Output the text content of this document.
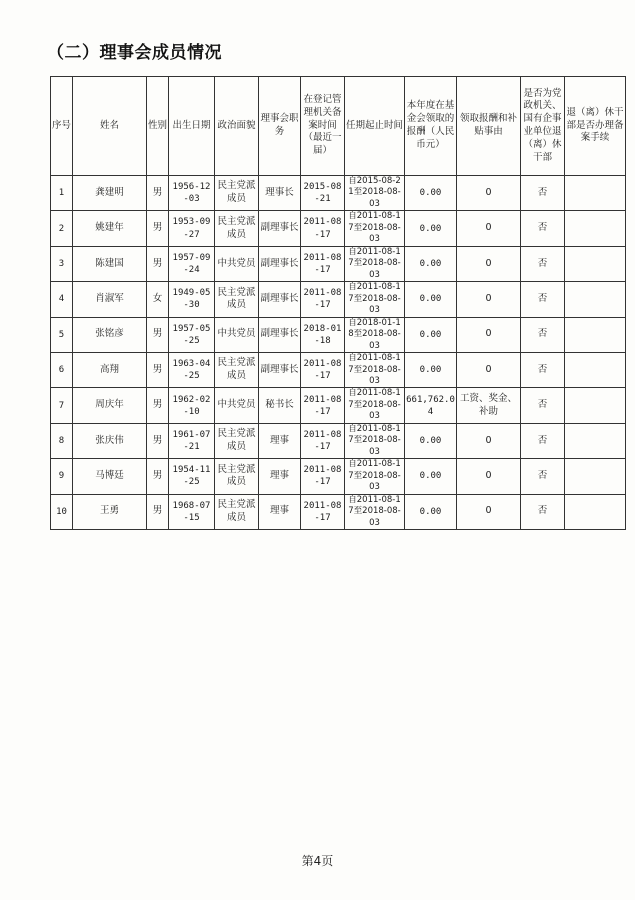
（二）理事会成员情况
序号	姓名	性别	出生日期	政治面貌	理事会职务	在登记管理机关备案时间（最近一届）	任期起止时间	本年度在基金会领取的报酬（人民币元）	领取报酬和补贴事由	是否为党政机关、国有企事业单位退（离）休干部	退（离）休干部是否办理备案手续
1	龚建明	男	1956-12-03	民主党派成员	理事长	2015-08-21	自2015-08-21至2018-08-03	0.00	0	否	
2	姚建年	男	1953-09-27	民主党派成员	副理事长	2011-08-17	自2011-08-17至2018-08-03	0.00	0	否	
3	陈建国	男	1957-09-24	中共党员	副理事长	2011-08-17	自2011-08-17至2018-08-03	0.00	0	否	
4	肖淑军	女	1949-05-30	民主党派成员	副理事长	2011-08-17	自2011-08-17至2018-08-03	0.00	0	否	
5	张铭彦	男	1957-05-25	中共党员	副理事长	2018-01-18	自2018-01-18至2018-08-03	0.00	0	否	
6	高翔	男	1963-04-25	民主党派成员	副理事长	2011-08-17	自2011-08-17至2018-08-03	0.00	0	否	
7	周庆年	男	1962-02-10	中共党员	秘书长	2011-08-17	自2011-08-17至2018-08-03	661,762.04	工资、奖金、补助	否	
8	张庆伟	男	1961-07-21	民主党派成员	理事	2011-08-17	自2011-08-17至2018-08-03	0.00	0	否	
9	马博廷	男	1954-11-25	民主党派成员	理事	2011-08-17	自2011-08-17至2018-08-03	0.00	0	否	
10	王勇	男	1968-07-15	民主党派成员	理事	2011-08-17	自2011-08-17至2018-08-03	0.00	0	否	
第4页
